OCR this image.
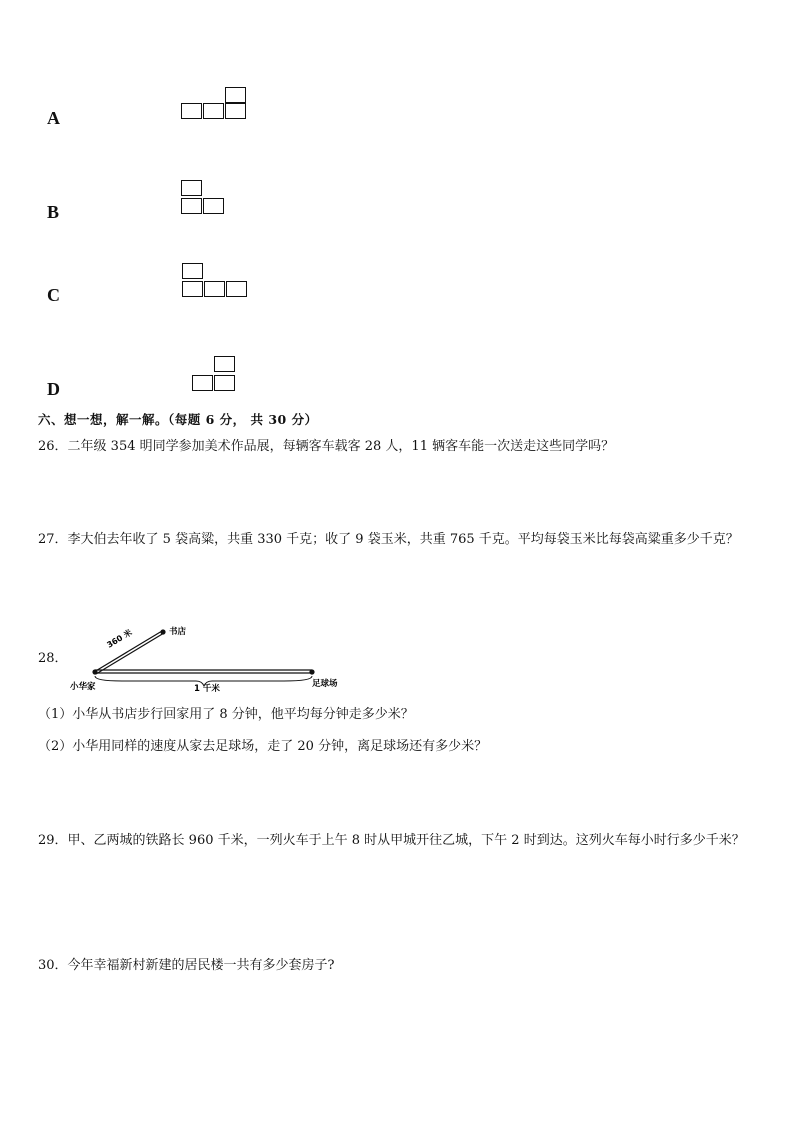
A
B
C
D
六、想一想，解一解。（每题 6 分， 共 30 分）
26．二年级 354 明同学参加美术作品展，每辆客车载客 28 人，11 辆客车能一次送走这些同学吗？
27．李大伯去年收了 5 袋高粱，共重 330 千克；收了 9 袋玉米，共重 765 千克。平均每袋玉米比每袋高粱重多少千克？
28．
360 米	书店
小华家	1 千米	足球场
（1）小华从书店步行回家用了 8 分钟，他平均每分钟走多少米？
（2）小华用同样的速度从家去足球场，走了 20 分钟，离足球场还有多少米？
29．甲、乙两城的铁路长 960 千米，一列火车于上午 8 时从甲城开往乙城，下午 2 时到达。这列火车每小时行多少千米？
30．今年幸福新村新建的居民楼一共有多少套房子?
